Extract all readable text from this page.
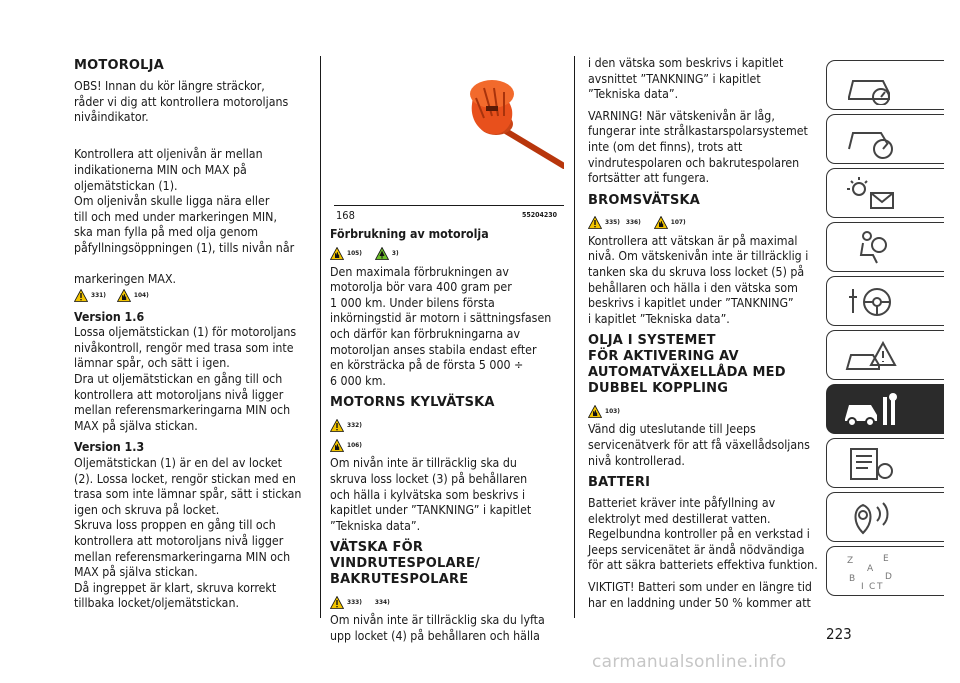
MOTOROLJA

OBS! Innan du kör längre sträckor,
råder vi dig att kontrollera motoroljans
nivåindikator.

Kontrollera att oljenivån är mellan
indikationerna MIN och MAX på
oljemätstickan (1).
Om oljenivån skulle ligga nära eller
till och med under markeringen MIN,
ska man fylla på med olja genom
påfyllningsöppningen (1), tills nivån når

markeringen MAX.

331)	104)

Version 1.6

Lossa oljemätstickan (1) för motoroljans
nivåkontroll, rengör med trasa som inte
lämnar spår, och sätt i igen.
Dra ut oljemätstickan en gång till och
kontrollera att motoroljans nivå ligger
mellan referensmarkeringarna MIN och
MAX på själva stickan.

Version 1.3

Oljemätstickan (1) är en del av locket
(2). Lossa locket, rengör stickan med en
trasa som inte lämnar spår, sätt i stickan
igen och skruva på locket.
Skruva loss proppen en gång till och
kontrollera att motoroljans nivå ligger
mellan referensmarkeringarna MIN och
MAX på själva stickan.
Då ingreppet är klart, skruva korrekt
tillbaka locket/oljemätstickan.

168	55204230
Förbrukning av motorolja
105)	3)

Den maximala förbrukningen av
motorolja bör vara 400 gram per
1 000 km. Under bilens första
inkörningstid är motorn i sättningsfasen
och därför kan förbrukningarna av
motoroljan anses stabila endast efter
en körsträcka på de första 5 000 ÷
6 000 km.

MOTORNS KYLVÄTSKA
332)
106)

Om nivån inte är tillräcklig ska du
skruva loss locket (3) på behållaren
och hälla i kylvätska som beskrivs i
kapitlet under ”TANKNING” i kapitlet
”Tekniska data”.

VÄTSKA FÖR VINDRUTESPOLARE/
BAKRUTESPOLARE
333) 334)

Om nivån inte är tillräcklig ska du lyfta
upp locket (4) på behållaren och hälla

i den vätska som beskrivs i kapitlet
avsnittet ”TANKNING” i kapitlet
”Tekniska data”.

VARNING! När vätskenivån är låg,
fungerar inte strålkastarspolarsystemet
inte (om det finns), trots att
vindrutespolaren och bakrutespolaren
fortsätter att fungera.

BROMSVÄTSKA
335) 336)	107)

Kontrollera att vätskan är på maximal
nivå. Om vätskenivån inte är tillräcklig i
tanken ska du skruva loss locket (5) på
behållaren och hälla i den vätska som
beskrivs i kapitlet under ”TANKNING”
i kapitlet ”Tekniska data”.

OLJA I SYSTEMET
FÖR AKTIVERING AV
AUTOMATVÄXELLÅDA MED
DUBBEL KOPPLING
103)

Vänd dig uteslutande till Jeeps
servicenätverk för att få växellådsoljans
nivå kontrollerad.

BATTERI

Batteriet kräver inte påfyllning av
elektrolyt med destillerat vatten.
Regelbundna kontroller på en verkstad i
Jeeps servicenätet är ändå nödvändiga
för att säkra batteriets effektiva funktion.

VIKTIGT! Batteri som under en längre tid
har en laddning under 50 % kommer att

Z	E
A
B	D
I C T
223
carmanualsonline.info
